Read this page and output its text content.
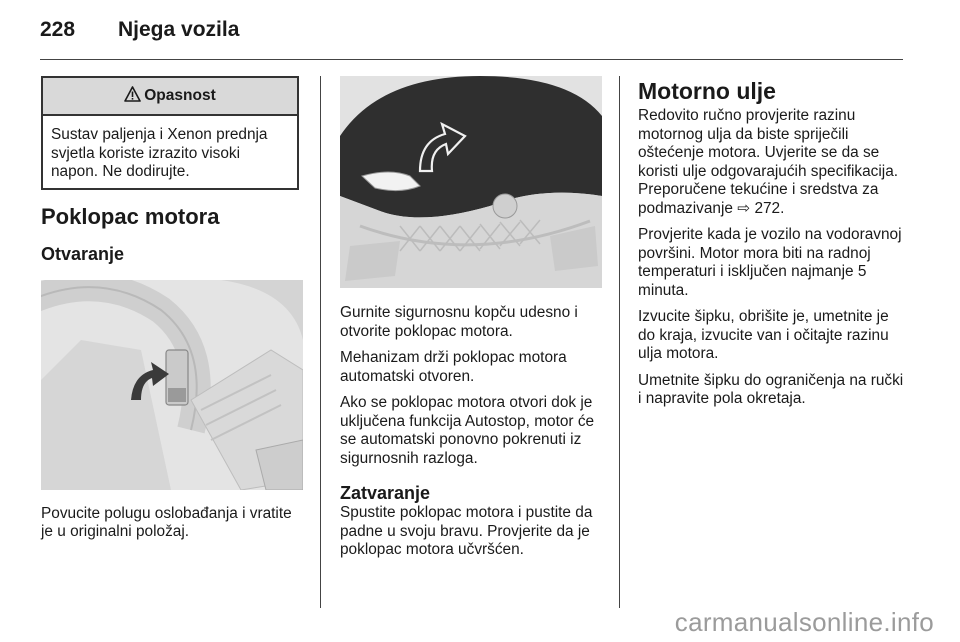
228	Njega vozila
Opasnost
Sustav paljenja i Xenon prednja svjetla koriste izrazito visoki napon. Ne dodirujte.
Poklopac motora
Otvaranje

Povucite polugu oslobađanja i vratite je u originalni položaj.

Gurnite sigurnosnu kopču udesno i otvorite poklopac motora.

Mehanizam drži poklopac motora automatski otvoren.

Ako se poklopac motora otvori dok je uključena funkcija Autostop, motor će se automatski ponovno pokrenuti iz sigurnosnih razloga.

Zatvaranje

Spustite poklopac motora i pustite da padne u svoju bravu. Provjerite da je poklopac motora učvršćen.

Motorno ulje

Redovito ručno provjerite razinu motornog ulja da biste spriječili oštećenje motora. Uvjerite se da se koristi ulje odgovarajućih specifikacija. Preporučene tekućine i sredstva za podmazivanje ⇨ 272.

Provjerite kada je vozilo na vodoravnoj površini. Motor mora biti na radnoj temperaturi i isključen najmanje 5 minuta.

Izvucite šipku, obrišite je, umetnite je do kraja, izvucite van i očitajte razinu ulja motora.

Umetnite šipku do ograničenja na ručki i napravite pola okretaja.

carmanualsonline.info
